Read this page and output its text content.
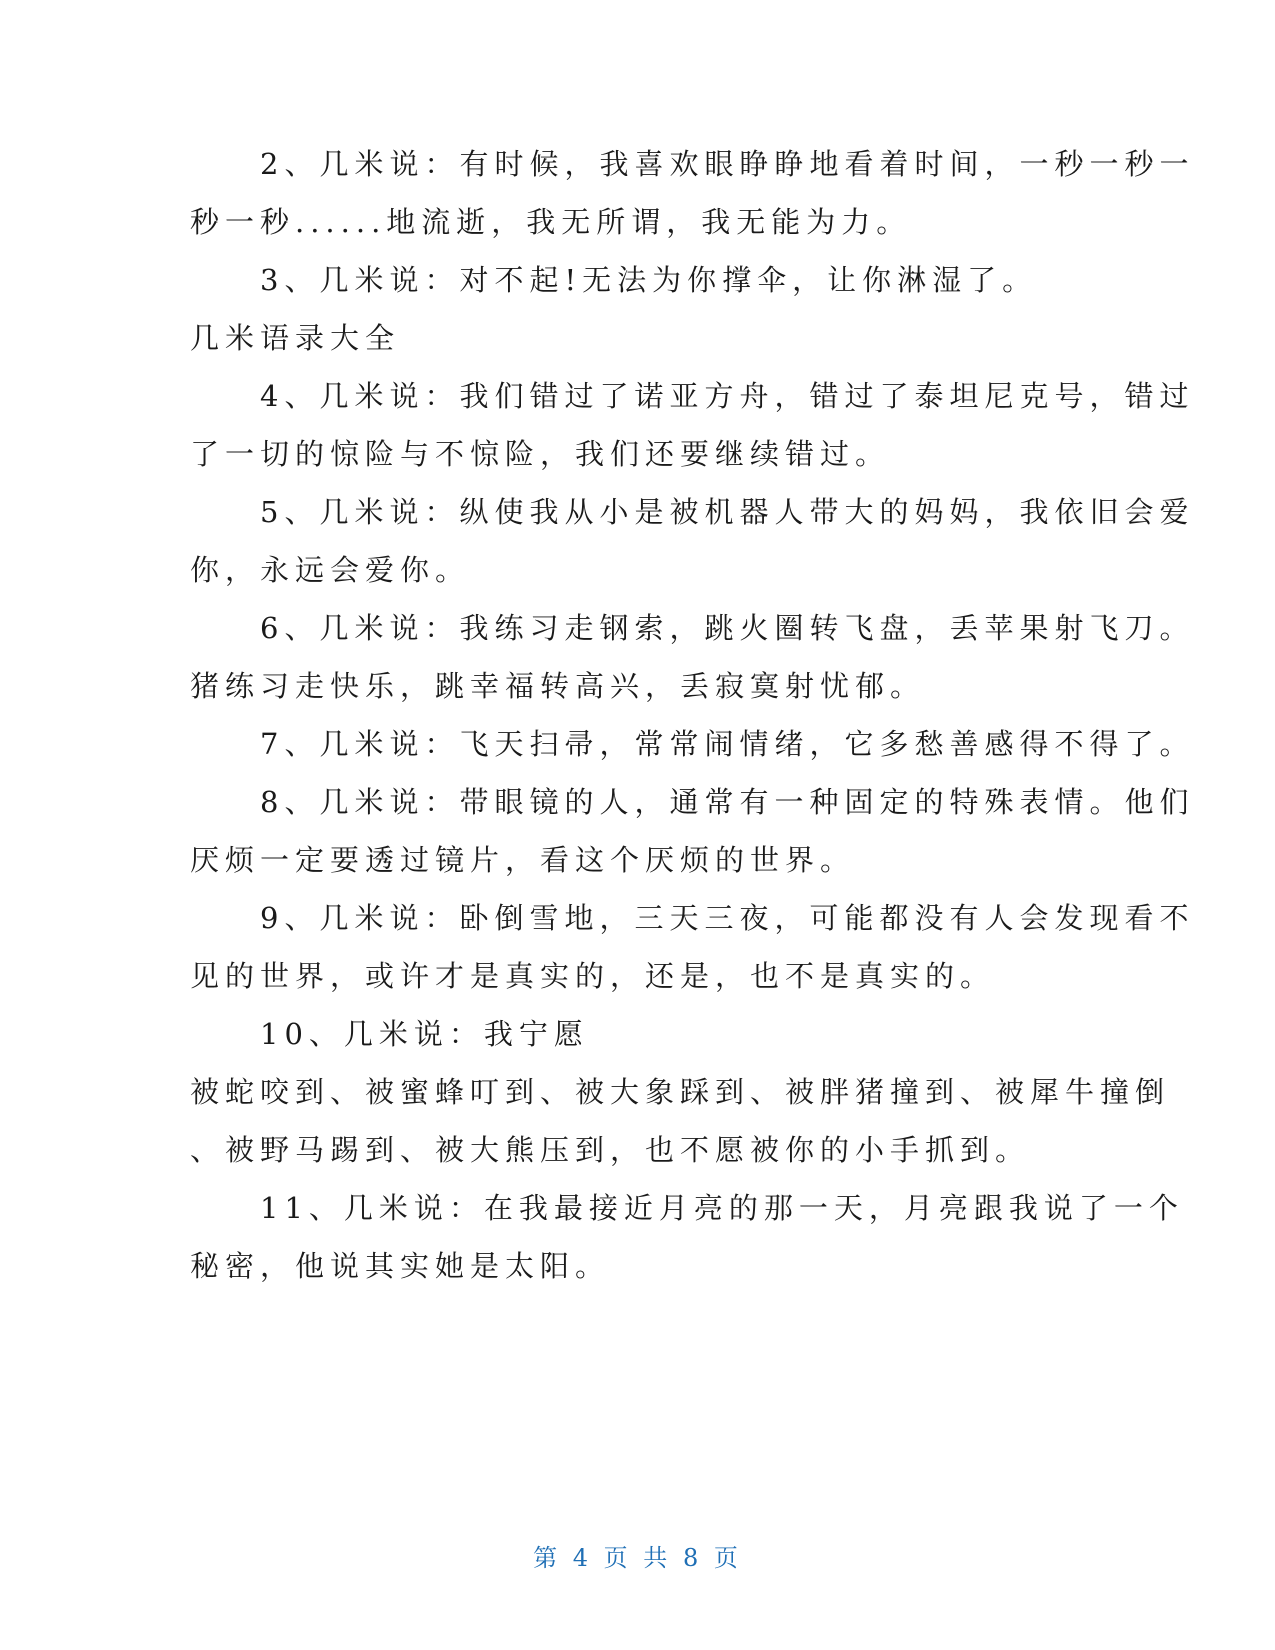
　　2、几米说：有时候，我喜欢眼睁睁地看着时间，一秒一秒一
秒一秒......地流逝，我无所谓，我无能为力。
　　3、几米说：对不起!无法为你撑伞，让你淋湿了。
几米语录大全
　　4、几米说：我们错过了诺亚方舟，错过了泰坦尼克号，错过
了一切的惊险与不惊险，我们还要继续错过。
　　5、几米说：纵使我从小是被机器人带大的妈妈，我依旧会爱
你，永远会爱你。
　　6、几米说：我练习走钢索，跳火圈转飞盘，丢苹果射飞刀。
猪练习走快乐，跳幸福转高兴，丢寂寞射忧郁。
　　7、几米说：飞天扫帚，常常闹情绪，它多愁善感得不得了。
　　8、几米说：带眼镜的人，通常有一种固定的特殊表情。他们
厌烦一定要透过镜片，看这个厌烦的世界。
　　9、几米说：卧倒雪地，三天三夜，可能都没有人会发现看不
见的世界，或许才是真实的，还是，也不是真实的。
　　10、几米说：我宁愿
被蛇咬到、被蜜蜂叮到、被大象踩到、被胖猪撞到、被犀牛撞倒
、被野马踢到、被大熊压到，也不愿被你的小手抓到。
　　11、几米说：在我最接近月亮的那一天，月亮跟我说了一个
秘密，他说其实她是太阳。
第 4 页 共 8 页
